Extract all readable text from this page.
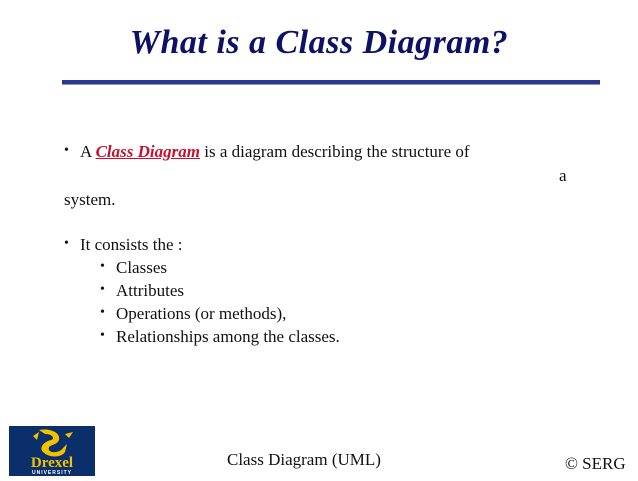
What is a Class Diagram?
• A Class Diagram is a diagram describing the structure of
a
system.
• It consists the :
• Classes
• Attributes
• Operations (or methods),
• Relationships among the classes.
Drexel
UNIVERSITY
Class Diagram (UML)	© SERG
